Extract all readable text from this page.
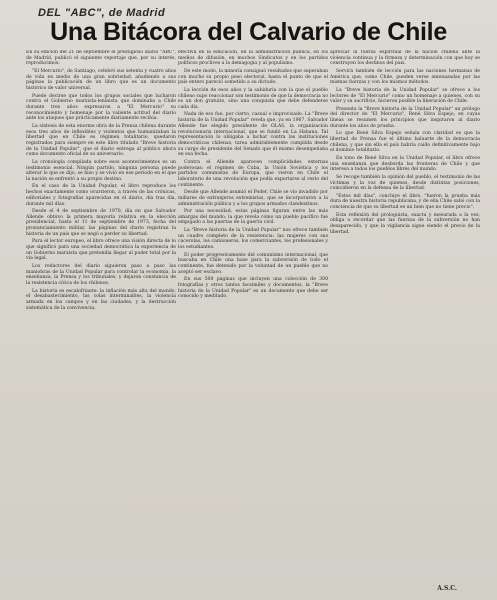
DEL "ABC", de Madrid
Una Bitácora del Calvario de Chile

En su edición del 21 de septiembre el prestigioso diario "ABC", de Madrid, publicó el siguiente reportaje que, por su interés, reproducimos:

"El Mercurio", de Santiago, celebró sus setenta y cuatro años de vida en medio de una gran sobriedad, añadiendo a sus páginas la publicación de un libro que es un documento histórico de valor universal.

Puede decirse que todos los grupos sociales que lucharon contra el Gobierno marxista-leninista que dominaba a Chile durante tres años expresaron a "El Mercurio" su reconocimiento y homenaje por la valiente actitud del diario ante los ataques que prácticamente diariamente recibía.

La síntesis de esta enorme obra de la Prensa chilena durante esos tres años de inflexibles y violentos que humanizaban la libertad que en Chile es régimen totalitario, quedaron registrados para siempre en este libro titulado "Breve historia de la Unidad Popular", que el diario entrega al público ahora como documento oficial de su aniversario.

La cronología compilada sobre esos acontecimientos es un testimonio esencial. Ningún partido, ninguna persona puede alterar lo que se dijo, se hizo y se vivió en ese período en el que la nación se enfrentó a su propio destino.

En el caso de la Unidad Popular, el libro reproduce los hechos exactamente como ocurrieron, a través de las crónicas, editoriales y fotografías aparecidas en el diario, día tras día, durante mil días.

Desde el 4 de septiembre de 1970, día en que Salvador Allende obtuvo la primera mayoría relativa en la elección presidencial, hasta el 11 de septiembre de 1973, fecha del pronunciamiento militar, las páginas del diario registran la historia de un país que se negó a perder su libertad.

Para el lector europeo, el libro ofrece una visión directa de lo que significó para una sociedad democrática la experiencia de un Gobierno marxista que pretendía llegar al poder total por la vía legal.

Los redactores del diario siguieron paso a paso las maniobras de la Unidad Popular para controlar la economía, la enseñanza, la Prensa y los tribunales, y dejaron constancia de la resistencia cívica de los chilenos.

La historia es escalofriante: la inflación más alta del mundo, el desabastecimiento, las colas interminables, la violencia armada en los campos y en las ciudades, y la destrucción sistemática de la convivencia.

efectiva en la educación, en la administración pública, en los medios de difusión, en muchos Sindicatos y en los partidos políticos proclives a la demagogia y al populismo.

De este modo, la minoría consiguió resultados que superaban con mucho su propio peso electoral, hasta el punto de que el país entero pareció sometido a su dictado.

La lección de esos años y la sabiduría con la que el pueblo chileno supo reaccionar son testimonio de que la democracia no es un don gratuito, sino una conquista que debe defenderse cada día.

Nada de eso fue, por cierto, casual o improvisado. La "Breve historia de la Unidad Popular" revela que, ya en 1967, Salvador Allende fue elegido presidente de OLAS, la organización revolucionaria internacional, que se fundó en La Habana. Tal representación lo obligaba a luchar contra las instituciones democráticas chilenas, tarea admirablemente cumplida desde su cargo de presidente del Senado que él mismo desempeñaba en esa fecha.

Contra el Allende aparecen complicidades externas poderosas: el régimen de Cuba, la Unión Soviética y los partidos comunistas de Europa, que vieron en Chile el laboratorio de una revolución que podía exportarse al resto del continente.

Desde que Allende asumió el Poder, Chile se vio invadido por millares de extranjeros extremistas, que se incorporaron a la administración pública y a los grupos armados clandestinos.

Por una necesidad, estas páginas figuran entre las más amargas del mundo, la que revela cómo un pueblo pacífico fue empujado a las puertas de la guerra civil.

La "Breve historia de la Unidad Popular" nos ofrece también un cuadro completo de la resistencia: las mujeres con sus cacerolas, los camioneros, los comerciantes, los profesionales y los estudiantes.

El poder progresivamente del comunismo internacional, que buscaba en Chile una base para la subversión de todo el continente, fue detenido por la voluntad de un pueblo que no aceptó ser esclavo.

En sus 500 páginas que incluyen una colección de 300 fotografías y otros tantos facsímiles y documentos, la "Breve historia de la Unidad Popular" es un documento que debe ser conocido y meditado.

apreciar la fuerza espiritual de la nación chilena ante la violencia continua y la firmeza y determinación con que hoy se construyen los destinos del país.

Servirá también de lección para las naciones hermanas de América que, como Chile, pueden verse amenazadas por las mismas fuerzas y con los mismos métodos.

La "Breve historia de la Unidad Popular" se ofrece a los lectores de "El Mercurio" como un homenaje a quienes, con su valor y su sacrificio, hicieron posible la liberación de Chile.

Presenta la "Breve historia de la Unidad Popular" un prólogo del director de "El Mercurio", René Silva Espejo, en cuyas líneas se resumen los principios que inspiraron al diario durante los años de prueba.

Lo que René Silva Espejo señala con claridad es que la libertad de Prensa fue el último baluarte de la democracia chilena, y que sin ella el país habría caído definitivamente bajo el dominio totalitario.

En tono de René Silva en la Unidad Popular, el libro ofrece una enseñanza que desborda las fronteras de Chile y que interesa a todos los pueblos libres del mundo.

Se recoge también la opinión del pueblo, el testimonio de las víctimas y la voz de quienes, desde distintas posiciones, coincidieron en la defensa de la libertad.

"Estos mil días", concluye el libro, "fueron la prueba más dura de nuestra historia republicana, y de ella Chile salió con la conciencia de que su libertad es un bien que no tiene precio".

Esta reflexión del prologuista, exacta y mesurada a la vez, obliga a recordar que las fuerzas de la subversión no han desaparecido, y que la vigilancia sigue siendo el precio de la libertad.

A.S.C.
